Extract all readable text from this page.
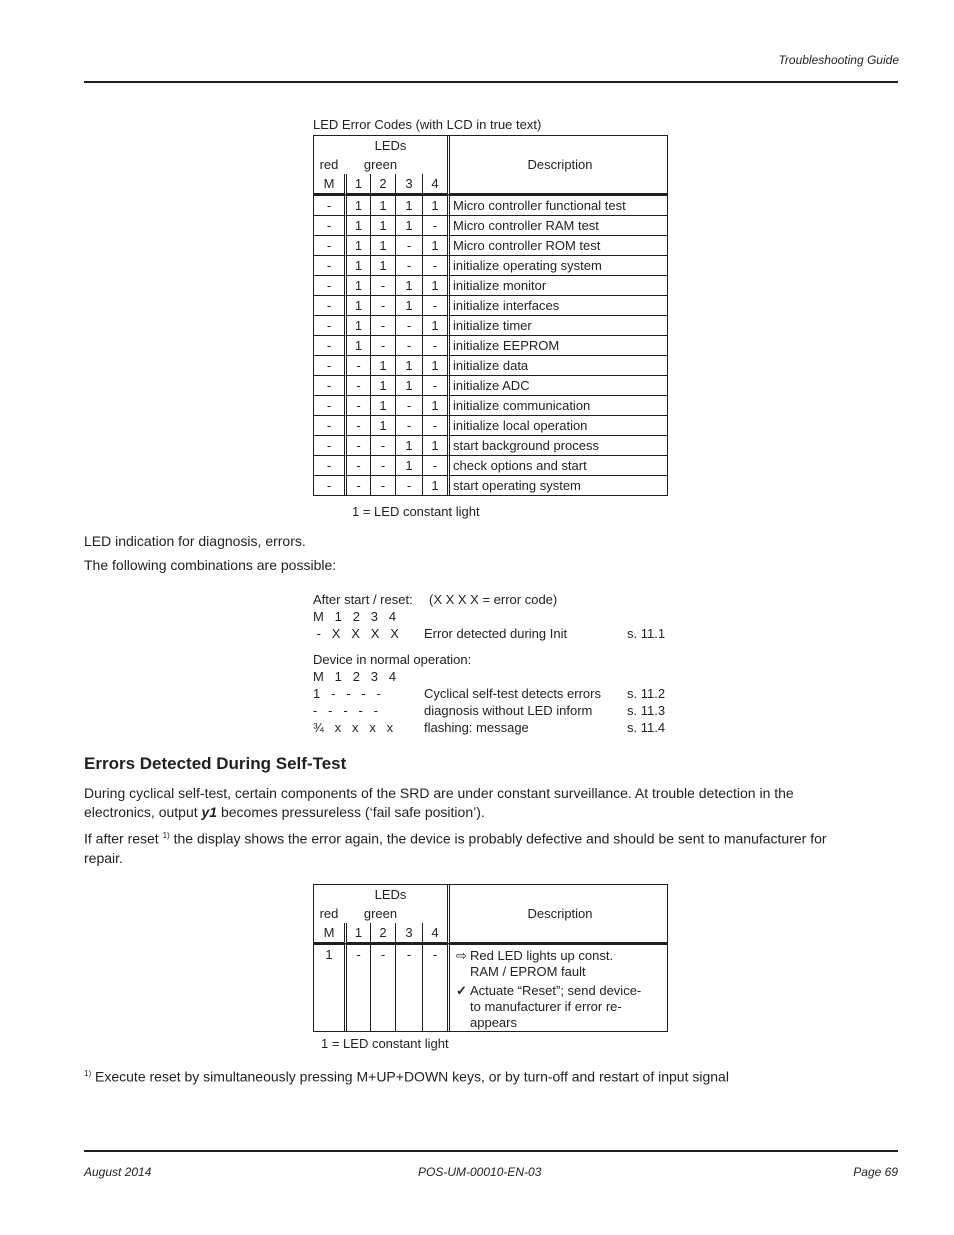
Troubleshooting Guide
LED Error Codes (with LCD in true text)
LEDs					Description
red	green				
M	1	2	3	4	
-	1	1	1	1	Micro controller functional test
-	1	1	1	-	Micro controller RAM test
-	1	1	-	1	Micro controller ROM test
-	1	1	-	-	initialize operating system
-	1	-	1	1	initialize monitor
-	1	-	1	-	initialize interfaces
-	1	-	-	1	initialize timer
-	1	-	-	-	initialize EEPROM
-	-	1	1	1	initialize data
-	-	1	1	-	initialize ADC
-	-	1	-	1	initialize communication
-	-	1	-	-	initialize local operation
-	-	-	1	1	start background process
-	-	-	1	-	check options and start
-	-	-	-	1	start operating system
1 = LED constant light
LED indication for diagnosis, errors.
The following combinations are possible:
After start / reset: (X X X X = error code)
M   1   2   3   4
-   X   X   X   X Error detected during Init	s. 11.1
Device in normal operation:
M   1   2   3   4
1   -   -   -   -	Cyclical self-test detects errors s. 11.2
-   -   -   -   -	diagnosis without LED inform	s. 11.3
¾   x   x   x   x flashing: message	s. 11.4
Errors Detected During Self-Test
During cyclical self-test, certain components of the SRD are under constant surveillance. At trouble detection in the electronics, output y1 becomes pressureless (‘fail safe position’).
If after reset $^{1)}$ the display shows the error again, the device is probably defective and should be sent to manufacturer for repair.
LEDs					Description
red	green				
M	1	2	3	4	
1	-	-	-	-	⇨ Red LED lights up const.
RAM / EPROM fault
✓ Actuate “Reset”; send device-
to manufacturer if error re-
appears
1 = LED constant light
$^{1)}$ Execute reset by simultaneously pressing M+UP+DOWN keys, or by turn-off and restart of input signal
August 2014	POS-UM-00010-EN-03	Page 69
